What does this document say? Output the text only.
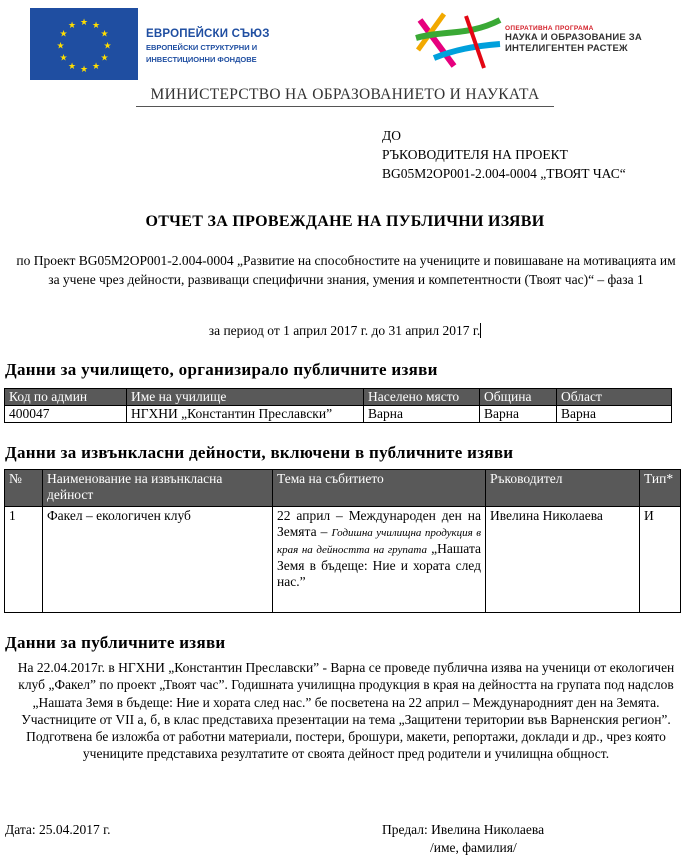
★ ★
★
★
★
★
★
★
★
★
★
★
ЕВРОПЕЙСКИ СЪЮЗ
ЕВРОПЕЙСКИ СТРУКТУРНИ И
ИНВЕСТИЦИОННИ ФОНДОВЕ
ОПЕРАТИВНА ПРОГРАМА
НАУКА И ОБРАЗОВАНИЕ ЗА
ИНТЕЛИГЕНТЕН РАСТЕЖ
МИНИСТЕРСТВО НА ОБРАЗОВАНИЕТО И НАУКАТА
ДО
РЪКОВОДИТЕЛЯ НА ПРОЕКТ
BG05M2OP001-2.004-0004 „ТВОЯТ ЧАС“
ОТЧЕТ ЗА ПРОВЕЖДАНЕ НА ПУБЛИЧНИ ИЗЯВИ
по Проект BG05M2OP001-2.004-0004 „Развитие на способностите на учениците и повишаване на мотивацията им за учене чрез дейности, развиващи специфични знания, умения и компетентности (Твоят час)“ – фаза 1
за период от 1 април 2017 г. до 31 април 2017 г.
Данни за училището, организирало публичните изяви
Код по админ	Име на училище	Населено място	Община	Област
400047	НГХНИ „Константин Преславски”	Варна	Варна	Варна
Данни за извънкласни дейности, включени в публичните изяви
№	Наименование на извънкласна дейност	Тема на събитието	Ръководител	Тип*
1	Факел – екологичен клуб	22 април – Международен ден на Земята – Годишна училищна продукция в края на дейността на групата „Нашата Земя в бъдеще: Ние и хората след нас.”	Ивелина Николаева	И
Данни за публичните изяви
На 22.04.2017г. в НГХНИ „Константин Преславски” - Варна се проведе публична изява на ученици от екологичен клуб „Факел” по проект „Твоят час”. Годишната училищна продукция в края на дейността на групата под надслов „Нашата Земя в бъдеще: Ние и хората след нас.” бе посветена на 22 април – Международният ден на Земята. Участниците от VII а, б, в клас представиха презентации на тема „Защитени територии във Варненския регион”. Подготвена бе изложба от работни материали, постери, брошури, макети, репортажи, доклади и др., чрез която учениците представиха резултатите от своята дейност пред родители и училищна общност.
Дата: 25.04.2017 г.	Предал: Ивелина Николаева
/име, фамилия/
